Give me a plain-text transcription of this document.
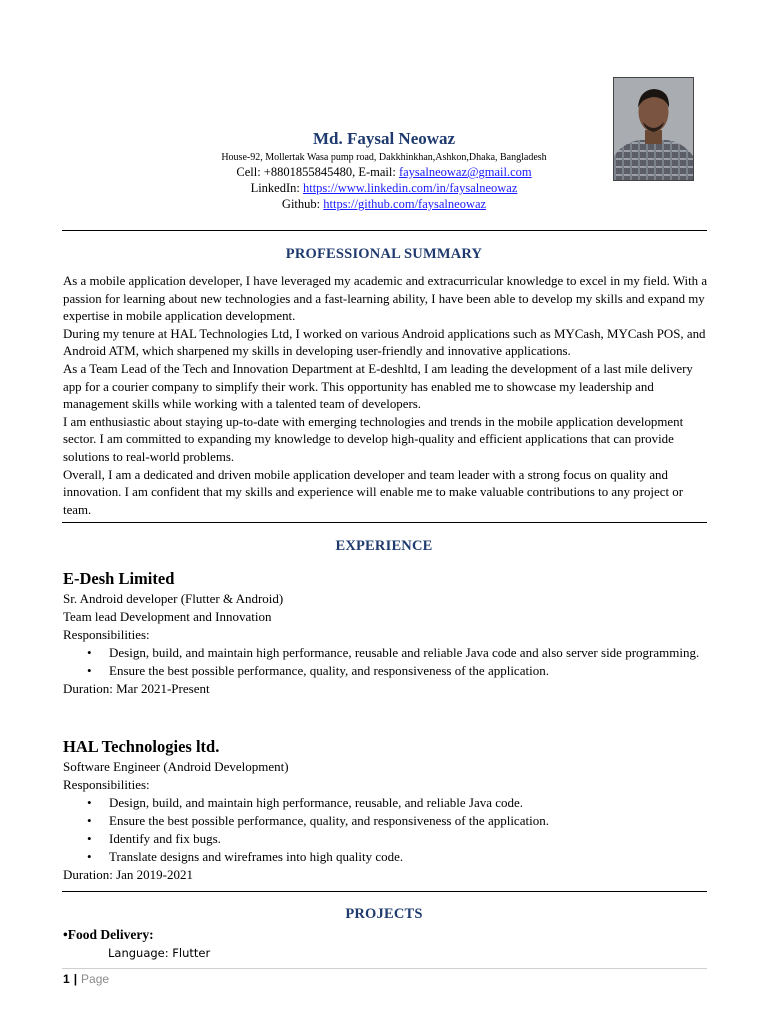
Md. Faysal Neowaz
House-92, Mollertak Wasa pump road, Dakkhinkhan,Ashkon,Dhaka, Bangladesh
Cell: +8801855845480, E-mail: faysalneowaz@gmail.com
LinkedIn: https://www.linkedin.com/in/faysalneowaz
Github: https://github.com/faysalneowaz
PROFESSIONAL SUMMARY

As a mobile application developer, I have leveraged my academic and extracurricular knowledge to excel in my field. With a passion for learning about new technologies and a fast-learning ability, I have been able to develop my skills and expand my expertise in mobile application development.

During my tenure at HAL Technologies Ltd, I worked on various Android applications such as MYCash, MYCash POS, and Android ATM, which sharpened my skills in developing user-friendly and innovative applications.

As a Team Lead of the Tech and Innovation Department at E-deshltd, I am leading the development of a last mile delivery app for a courier company to simplify their work. This opportunity has enabled me to showcase my leadership and management skills while working with a talented team of developers.

I am enthusiastic about staying up-to-date with emerging technologies and trends in the mobile application development sector. I am committed to expanding my knowledge to develop high-quality and efficient applications that can provide solutions to real-world problems.

Overall, I am a dedicated and driven mobile application developer and team leader with a strong focus on quality and innovation. I am confident that my skills and experience will enable me to make valuable contributions to any project or team.

EXPERIENCE
E-Desh Limited
Sr. Android developer (Flutter & Android)
Team lead Development and Innovation
Responsibilities:
• Design, build, and maintain high performance, reusable and reliable Java code and also server side programming.
• Ensure the best possible performance, quality, and responsiveness of the application.
Duration: Mar 2021-Present
HAL Technologies ltd.
Software Engineer (Android Development)
Responsibilities:
• Design, build, and maintain high performance, reusable, and reliable Java code.
• Ensure the best possible performance, quality, and responsiveness of the application.
• Identify and fix bugs.
• Translate designs and wireframes into high quality code.
Duration: Jan 2019-2021
PROJECTS
•Food Delivery:
Language: Flutter
1 | Page
